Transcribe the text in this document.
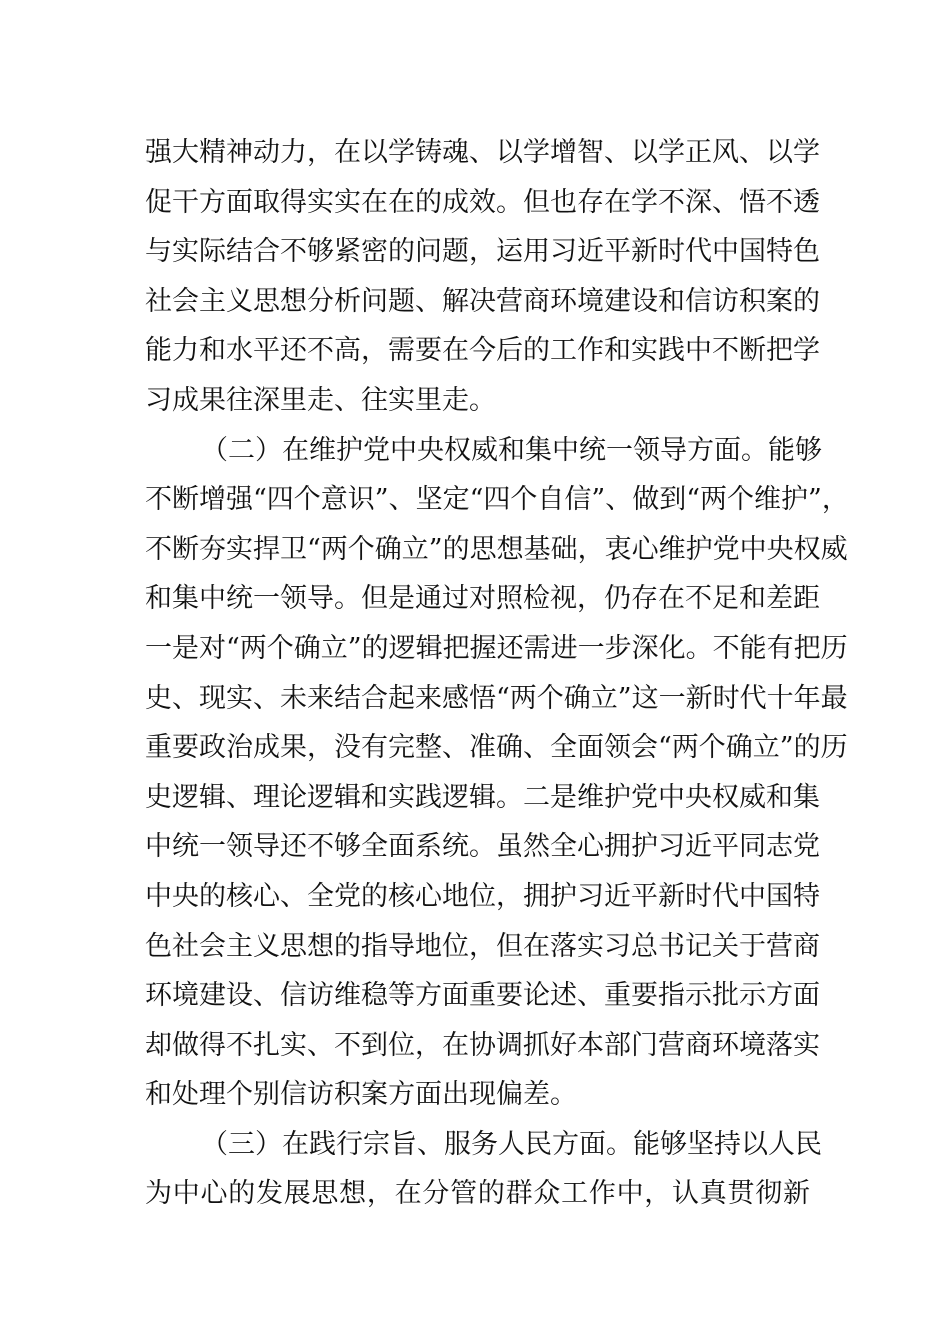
强大精神动力，在以学铸魂、以学增智、以学正风、以学
促干方面取得实实在在的成效。但也存在学不深、悟不透
与实际结合不够紧密的问题，运用习近平新时代中国特色
社会主义思想分析问题、解决营商环境建设和信访积案的
能力和水平还不高，需要在今后的工作和实践中不断把学
习成果往深里走、往实里走。
（二）在维护党中央权威和集中统一领导方面。能够
不断增强“四个意识”、坚定“四个自信”、做到“两个维护”，
不断夯实捍卫“两个确立”的思想基础，衷心维护党中央权威
和集中统一领导。但是通过对照检视，仍存在不足和差距
一是对“两个确立”的逻辑把握还需进一步深化。不能有把历
史、现实、未来结合起来感悟“两个确立”这一新时代十年最
重要政治成果，没有完整、准确、全面领会“两个确立”的历
史逻辑、理论逻辑和实践逻辑。二是维护党中央权威和集
中统一领导还不够全面系统。虽然全心拥护习近平同志党
中央的核心、全党的核心地位，拥护习近平新时代中国特
色社会主义思想的指导地位，但在落实习总书记关于营商
环境建设、信访维稳等方面重要论述、重要指示批示方面
却做得不扎实、不到位，在协调抓好本部门营商环境落实
和处理个别信访积案方面出现偏差。
（三）在践行宗旨、服务人民方面。能够坚持以人民
为中心的发展思想，在分管的群众工作中，认真贯彻新
